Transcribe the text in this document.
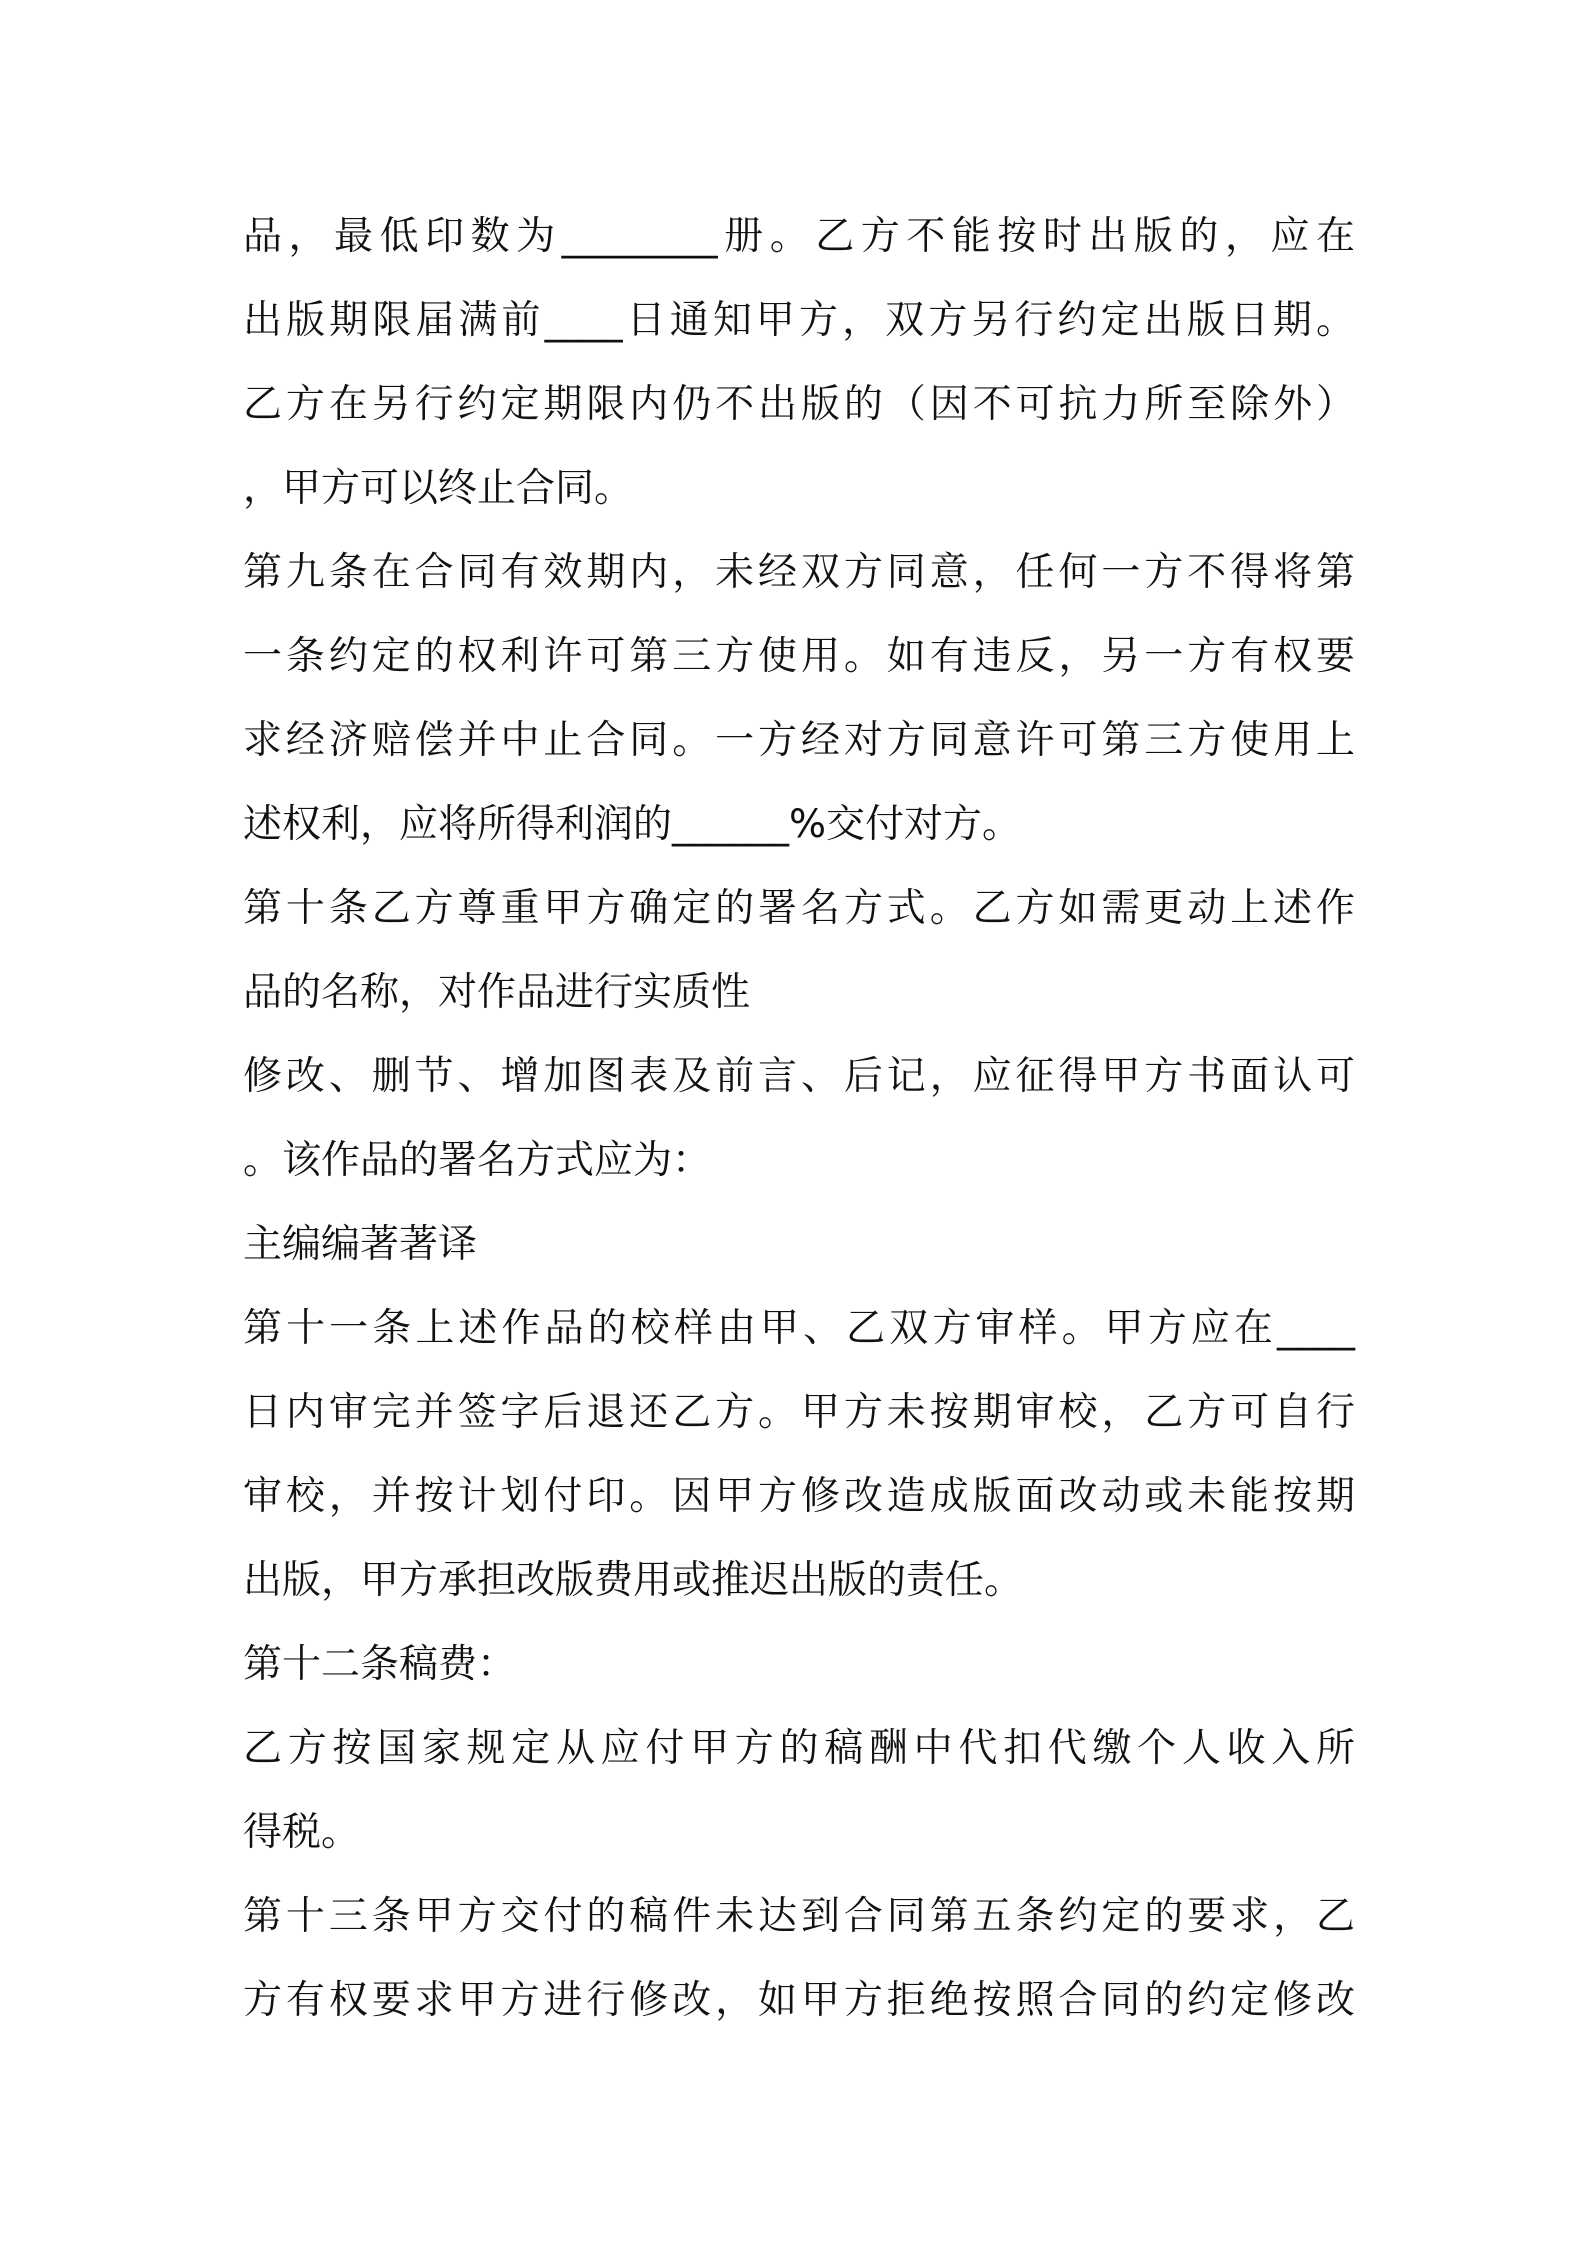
品，最低印数为________册。乙方不能按时出版的，应在
出版期限届满前____日通知甲方，双方另行约定出版日期。
乙方在另行约定期限内仍不出版的（因不可抗力所至除外）
，甲方可以终止合同。
第九条在合同有效期内，未经双方同意，任何一方不得将第
一条约定的权利许可第三方使用。如有违反，另一方有权要
求经济赔偿并中止合同。一方经对方同意许可第三方使用上
述权利，应将所得利润的______%交付对方。
第十条乙方尊重甲方确定的署名方式。乙方如需更动上述作
品的名称，对作品进行实质性
修改、删节、增加图表及前言、后记，应征得甲方书面认可
。该作品的署名方式应为：
主编编著著译
第十一条上述作品的校样由甲、乙双方审样。甲方应在____
日内审完并签字后退还乙方。甲方未按期审校，乙方可自行
审校，并按计划付印。因甲方修改造成版面改动或未能按期
出版，甲方承担改版费用或推迟出版的责任。
第十二条稿费：
乙方按国家规定从应付甲方的稿酬中代扣代缴个人收入所
得税。
第十三条甲方交付的稿件未达到合同第五条约定的要求，乙
方有权要求甲方进行修改，如甲方拒绝按照合同的约定修改
